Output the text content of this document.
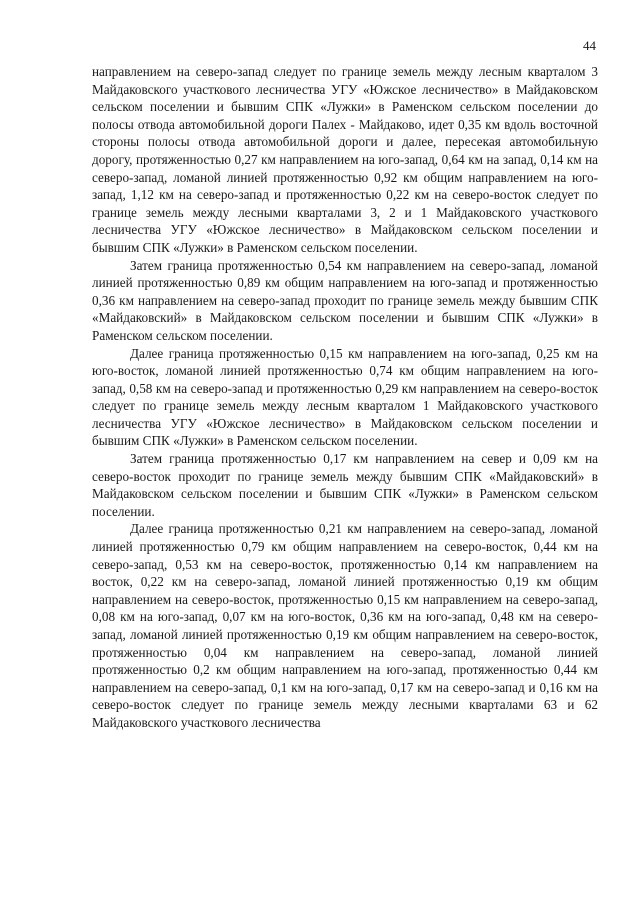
44

направлением на северо-запад следует по границе земель между лесным кварталом 3 Майдаковского участкового лесничества УГУ «Южское лесничество» в Майдаковском сельском поселении и бывшим СПК «Лужки» в Раменском сельском поселении до полосы отвода автомобильной дороги Палех - Майдаково, идет 0,35 км вдоль восточной стороны полосы отвода автомобильной дороги и далее, пересекая автомобильную дорогу, протяженностью 0,27 км направлением на юго-запад, 0,64 км на запад, 0,14 км на северо-запад, ломаной линией протяженностью 0,92 км общим направлением на юго-запад, 1,12 км на северо-запад и протяженностью 0,22 км на северо-восток следует по границе земель между лесными кварталами 3, 2 и 1 Майдаковского участкового лесничества УГУ «Южское лесничество» в Майдаковском сельском поселении и бывшим СПК «Лужки» в Раменском сельском поселении.

Затем граница протяженностью 0,54 км направлением на северо-запад, ломаной линией протяженностью 0,89 км общим направлением на юго-запад и протяженностью 0,36 км направлением на северо-запад проходит по границе земель между бывшим СПК «Майдаковский» в Майдаковском сельском поселении и бывшим СПК «Лужки» в Раменском сельском поселении.

Далее граница протяженностью 0,15 км направлением на юго-запад, 0,25 км на юго-восток, ломаной линией протяженностью 0,74 км общим направлением на юго-запад, 0,58 км на северо-запад и протяженностью 0,29 км направлением на северо-восток следует по границе земель между лесным кварталом 1 Майдаковского участкового лесничества УГУ «Южское лесничество» в Майдаковском сельском поселении и бывшим СПК «Лужки» в Раменском сельском поселении.

Затем граница протяженностью 0,17 км направлением на север и 0,09 км на северо-восток проходит по границе земель между бывшим СПК «Майдаковский» в Майдаковском сельском поселении и бывшим СПК «Лужки» в Раменском сельском поселении.

Далее граница протяженностью 0,21 км направлением на северо-запад, ломаной линией протяженностью 0,79 км общим направлением на северо-восток, 0,44 км на северо-запад, 0,53 км на северо-восток, протяженностью 0,14 км направлением на восток, 0,22 км на северо-запад, ломаной линией протяженностью 0,19 км общим направлением на северо-восток, протяженностью 0,15 км направлением на северо-запад, 0,08 км на юго-запад, 0,07 км на юго-восток, 0,36 км на юго-запад, 0,48 км на северо-запад, ломаной линией протяженностью 0,19 км общим направлением на северо-восток, протяженностью 0,04 км направлением на северо-запад, ломаной линией протяженностью 0,2 км общим направлением на юго-запад, протяженностью 0,44 км направлением на северо-запад, 0,1 км на юго-запад, 0,17 км на северо-запад и 0,16 км на северо-восток следует по границе земель между лесными кварталами 63 и 62 Майдаковского участкового лесничества
